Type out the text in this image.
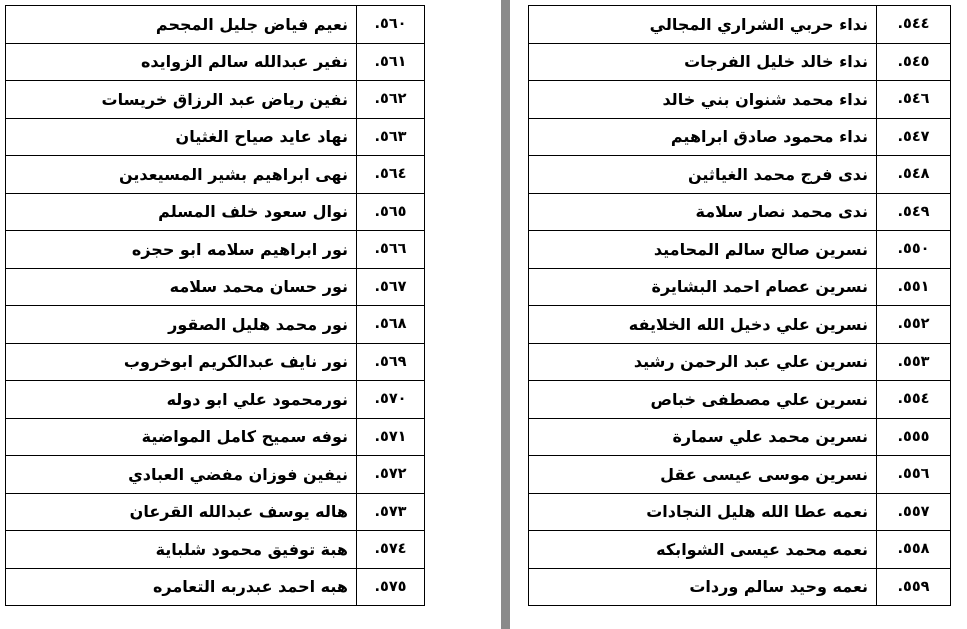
٥٤٤.	نداء حربي الشراري المجالي
٥٤٥.	نداء خالد خليل الفرجات
٥٤٦.	نداء محمد شنوان بني خالد
٥٤٧.	نداء محمود صادق ابراهيم
٥٤٨.	ندى فرج محمد الغياثين
٥٤٩.	ندى محمد نصار سلامة
٥٥٠.	نسرين صالح سالم المحاميد
٥٥١.	نسرين عصام احمد البشايرة
٥٥٢.	نسرين علي دخيل الله الخلايفه
٥٥٣.	نسرين علي عبد الرحمن رشيد
٥٥٤.	نسرين علي مصطفى خباص
٥٥٥.	نسرين محمد علي سمارة
٥٥٦.	نسرين موسى عيسى عقل
٥٥٧.	نعمه عطا الله هليل النجادات
٥٥٨.	نعمه محمد عيسى الشوابكه
٥٥٩.	نعمه وحيد سالم وردات
٥٦٠.	نعيم فياض جليل المجحم
٥٦١.	نفير عبدالله سالم الزوايده
٥٦٢.	نفين رياض عبد الرزاق خريسات
٥٦٣.	نهاد عايد صياح الغثيان
٥٦٤.	نهى ابراهيم بشير المسيعدين
٥٦٥.	نوال سعود خلف المسلم
٥٦٦.	نور ابراهيم سلامه ابو حجزه
٥٦٧.	نور حسان محمد سلامه
٥٦٨.	نور محمد هليل الصقور
٥٦٩.	نور نايف عبدالكريم ابوخروب
٥٧٠.	نورمحمود علي ابو دوله
٥٧١.	نوفه سميح كامل المواضية
٥٧٢.	نيفين فوزان مفضي العبادي
٥٧٣.	هاله يوسف عبدالله القرعان
٥٧٤.	هبة توفيق محمود شلباية
٥٧٥.	هبه احمد عبدربه التعامره
